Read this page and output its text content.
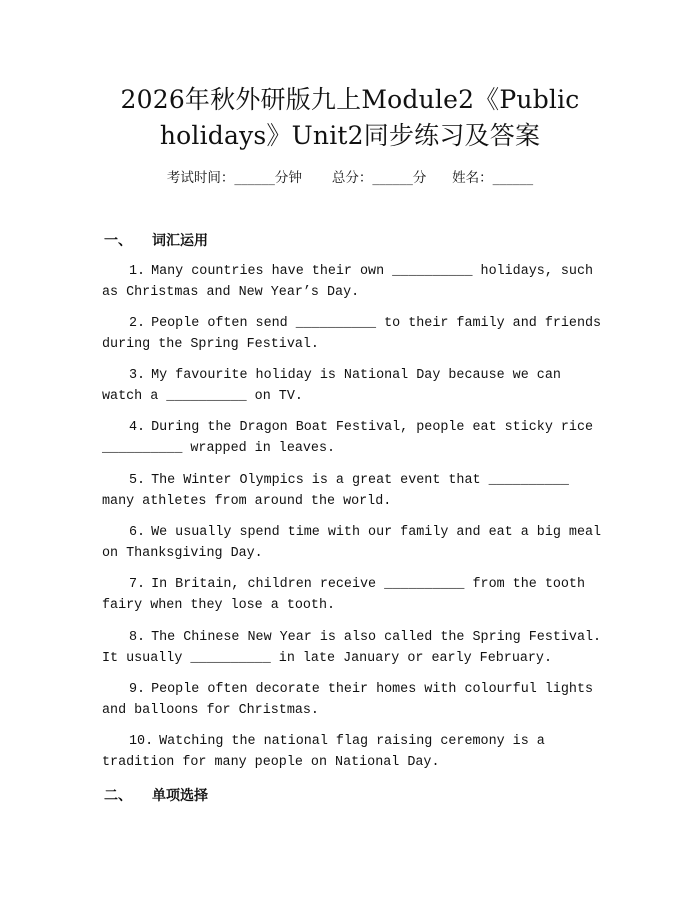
2026年秋外研版九上Module2《Public
holidays》Unit2同步练习及答案
考试时间：______分钟 总分：______分 姓名：______
一、 词汇运用
1. Many countries have their own __________ holidays, such as Christmas and New Year’s Day.
2. People often send __________ to their family and friends during the Spring Festival.
3. My favourite holiday is National Day because we can watch a __________ on TV.
4. During the Dragon Boat Festival, people eat sticky rice __________ wrapped in leaves.
5. The Winter Olympics is a great event that __________ many athletes from around the world.
6. We usually spend time with our family and eat a big meal on Thanksgiving Day.
7. In Britain, children receive __________ from the tooth fairy when they lose a tooth.
8. The Chinese New Year is also called the Spring Festival. It usually __________ in late January or early February.
9. People often decorate their homes with colourful lights and balloons for Christmas.
10. Watching the national flag raising ceremony is a tradition for many people on National Day.
二、 单项选择
